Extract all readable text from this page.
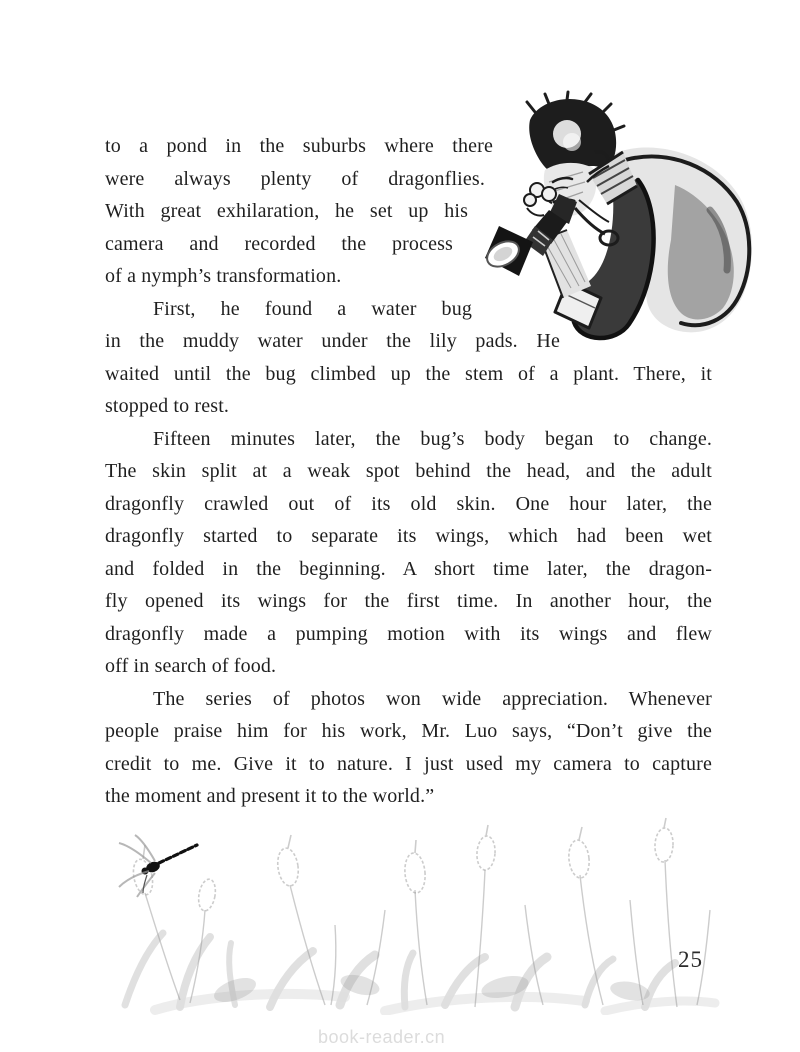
to a pond in the suburbs where there
were always plenty of dragonflies.
With great exhilaration, he set up his
camera and recorded the process
of a nymph’s transformation.
First, he found a water bug
in the muddy water under the lily pads. He
waited until the bug climbed up the stem of a plant. There, it
stopped to rest.
Fifteen minutes later, the bug’s body began to change.
The skin split at a weak spot behind the head, and the adult
dragonfly crawled out of its old skin. One hour later, the
dragonfly started to separate its wings, which had been wet
and folded in the beginning. A short time later, the dragon-
fly opened its wings for the first time. In another hour, the
dragonfly made a pumping motion with its wings and flew
off in search of food.
The series of photos won wide appreciation. Whenever
people praise him for his work, Mr. Luo says, “Don’t give the
credit to me. Give it to nature. I just used my camera to capture
the moment and present it to the world.”
25
book-reader.cn
